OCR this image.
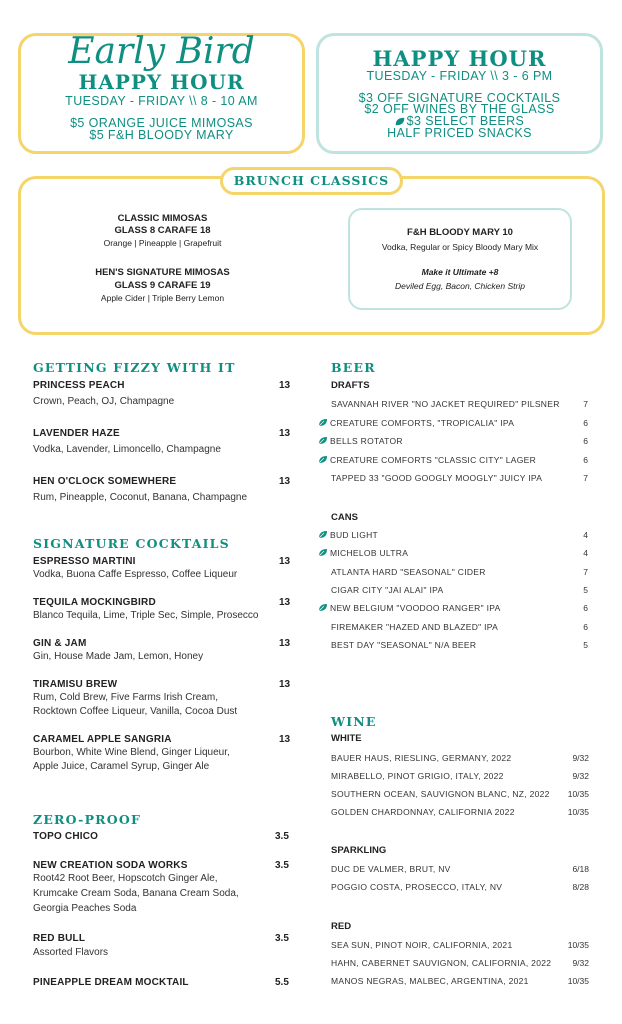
Early Bird
HAPPY HOUR
TUESDAY - FRIDAY \\ 8 - 10 AM
$5 ORANGE JUICE MIMOSAS
$5 F&H BLOODY MARY
HAPPY HOUR
TUESDAY - FRIDAY \\ 3 - 6 PM
$3 OFF SIGNATURE COCKTAILS
$2 OFF WINES BY THE GLASS
$3 SELECT BEERS
HALF PRICED SNACKS
BRUNCH CLASSICS
CLASSIC MIMOSAS
GLASS 8 CARAFE 18
Orange | Pineapple | Grapefruit
HEN'S SIGNATURE MIMOSAS
GLASS 9 CARAFE 19
Apple Cider | Triple Berry Lemon
F&H BLOODY MARY 10
Vodka, Regular or Spicy Bloody Mary Mix
Make it Ultimate +8
Deviled Egg, Bacon, Chicken Strip
GETTING FIZZY WITH IT
PRINCESS PEACH	13
Crown, Peach, OJ, Champagne
LAVENDER HAZE	13
Vodka, Lavender, Limoncello, Champagne
HEN O'CLOCK SOMEWHERE	13
Rum, Pineapple, Coconut, Banana, Champagne
SIGNATURE COCKTAILS
ESPRESSO MARTINI	13
Vodka, Buona Caffe Espresso, Coffee Liqueur
TEQUILA MOCKINGBIRD	13
Blanco Tequila, Lime, Triple Sec, Simple, Prosecco
GIN & JAM	13
Gin, House Made Jam, Lemon, Honey
TIRAMISU BREW	13
Rum, Cold Brew, Five Farms Irish Cream,
Rocktown Coffee Liqueur, Vanilla, Cocoa Dust
CARAMEL APPLE SANGRIA	13
Bourbon, White Wine Blend, Ginger Liqueur,
Apple Juice, Caramel Syrup, Ginger Ale
ZERO-PROOF
TOPO CHICO	3.5
NEW CREATION SODA WORKS	3.5
Root42 Root Beer, Hopscotch Ginger Ale,
Krumcake Cream Soda, Banana Cream Soda,
Georgia Peaches Soda
RED BULL	3.5
Assorted Flavors
PINEAPPLE DREAM MOCKTAIL	5.5
BEER
DRAFTS
SAVANNAH RIVER "NO JACKET REQUIRED" PILSNER	7
CREATURE COMFORTS, "TROPICALIA" IPA	6
BELLS ROTATOR	6
CREATURE COMFORTS "CLASSIC CITY" LAGER	6
TAPPED 33 "GOOD GOOGLY MOOGLY" JUICY IPA	7
CANS
BUD LIGHT	4
MICHELOB ULTRA	4
ATLANTA HARD "SEASONAL" CIDER	7
CIGAR CITY "JAI ALAI" IPA	5
NEW BELGIUM "VOODOO RANGER" IPA	6
FIREMAKER "HAZED AND BLAZED" IPA	6
BEST DAY "SEASONAL" N/A BEER	5
WINE
WHITE
BAUER HAUS, RIESLING, GERMANY, 2022	9/32
MIRABELLO, PINOT GRIGIO, ITALY, 2022	9/32
SOUTHERN OCEAN, SAUVIGNON BLANC, NZ, 2022	10/35
GOLDEN CHARDONNAY, CALIFORNIA 2022	10/35
SPARKLING
DUC DE VALMER, BRUT, NV	6/18
POGGIO COSTA, PROSECCO, ITALY, NV	8/28
RED
SEA SUN, PINOT NOIR, CALIFORNIA, 2021	10/35
HAHN, CABERNET SAUVIGNON, CALIFORNIA, 2022	9/32
MANOS NEGRAS, MALBEC, ARGENTINA, 2021	10/35
